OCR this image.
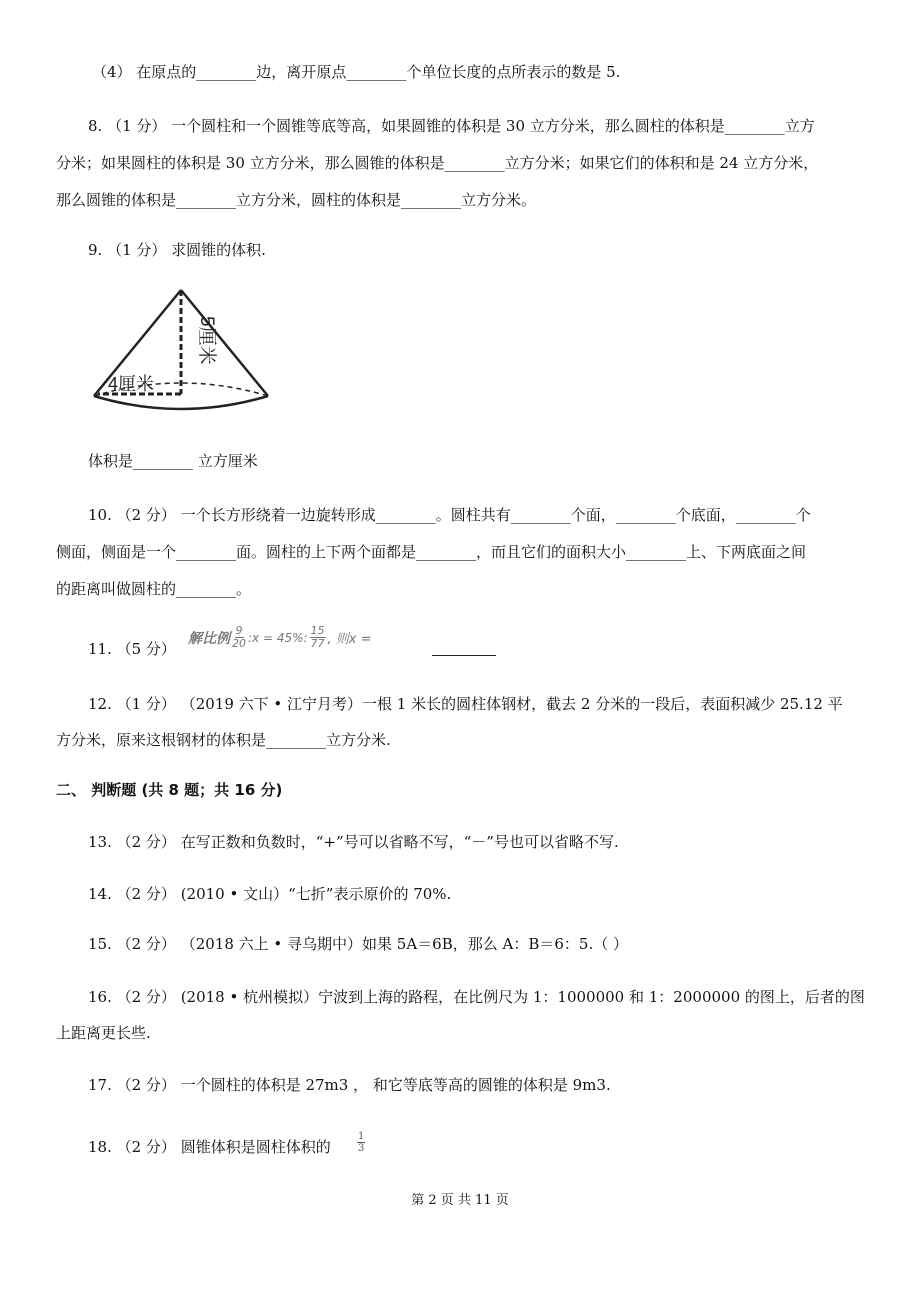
（4） 在原点的________边，离开原点________个单位长度的点所表示的数是 5.
8. （1 分） 一个圆柱和一个圆锥等底等高，如果圆锥的体积是 30 立方分米，那么圆柱的体积是________立方
分米；如果圆柱的体积是 30 立方分米，那么圆锥的体积是________立方分米；如果它们的体积和是 24 立方分米，
那么圆锥的体积是________立方分米，圆柱的体积是________立方分米。
9. （1 分） 求圆锥的体积.
5厘米
4厘米
体积是________ 立方厘米
10. （2 分） 一个长方形绕着一边旋转形成________。圆柱共有________个面，________个底面，________个
侧面，侧面是一个________面。圆柱的上下两个面都是________，而且它们的面积大小________上、下两底面之间
的距离叫做圆柱的________。
11. （5 分）
解比例 $\frac{9}{20}$ :x = 45%: $\frac{15}{77}$ , 则x =
12. （1 分） （2019 六下 • 江宁月考）一根 1 米长的圆柱体钢材，截去 2 分米的一段后，表面积减少 25.12 平
方分米，原来这根钢材的体积是________立方分米.
二、 判断题 (共 8 题；共 16 分)
13. （2 分） 在写正数和负数时，“+”号可以省略不写，“－”号也可以省略不写.
14. （2 分） (2010 • 文山）“七折”表示原价的 70%.
15. （2 分） （2018 六上 • 寻乌期中）如果 5A＝6B，那么 A：B＝6：5.（ ）
16. （2 分） (2018 • 杭州模拟）宁波到上海的路程，在比例尺为 1：1000000 和 1：2000000 的图上，后者的图
上距离更长些.
17. （2 分） 一个圆柱的体积是 27m3 ， 和它等底等高的圆锥的体积是 9m3.
18. （2 分） 圆锥体积是圆柱体积的	$\frac{1}{3}$
第 2 页 共 11 页
